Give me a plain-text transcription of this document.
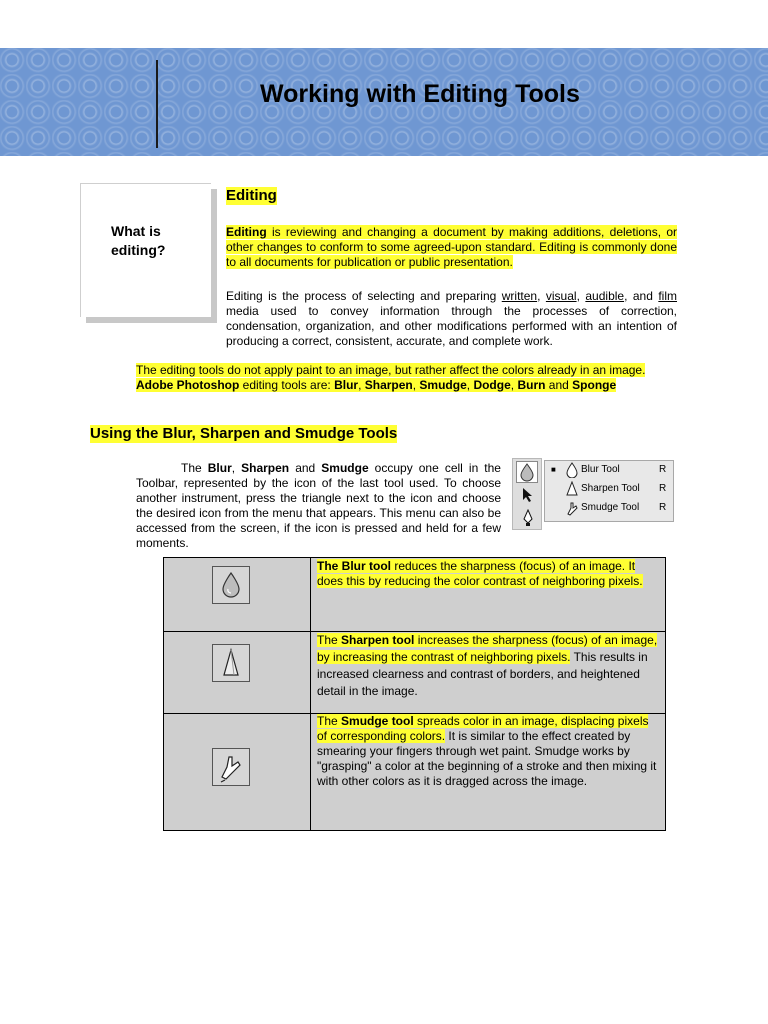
Working with Editing Tools
What is editing?
Editing
Editing is reviewing and changing a document by making additions, deletions, or other changes to conform to some agreed-upon standard. Editing is commonly done to all documents for publication or public presentation.
Editing is the process of selecting and preparing written, visual, audible, and film media used to convey information through the processes of correction, condensation, organization, and other modifications performed with an intention of producing a correct, consistent, accurate, and complete work.
The editing tools do not apply paint to an image, but rather affect the colors already in an image.
Adobe Photoshop editing tools are: Blur, Sharpen, Smudge, Dodge, Burn and Sponge
Using the Blur, Sharpen and Smudge Tools
The Blur, Sharpen and Smudge occupy one cell in the Toolbar, represented by the icon of the last tool used. To choose another instrument, press the triangle next to the icon and choose the desired icon from the menu that appears. This menu can also be accessed from the screen, if the icon is pressed and held for a few moments.
■	Blur Tool	R
Sharpen Tool R
Smudge Tool R
	The Blur tool reduces the sharpness (focus) of an image. It does this by reducing the color contrast of neighboring pixels.

	The Sharpen tool increases the sharpness (focus) of an image, by increasing the contrast of neighboring pixels. This results in increased clearness and contrast of borders, and heightened detail in the image.

	The Smudge tool spreads color in an image, displacing pixels of corresponding colors. It is similar to the effect created by smearing your fingers through wet paint. Smudge works by "grasping" a color at the beginning of a stroke and then mixing it with other colors as it is dragged across the image.
